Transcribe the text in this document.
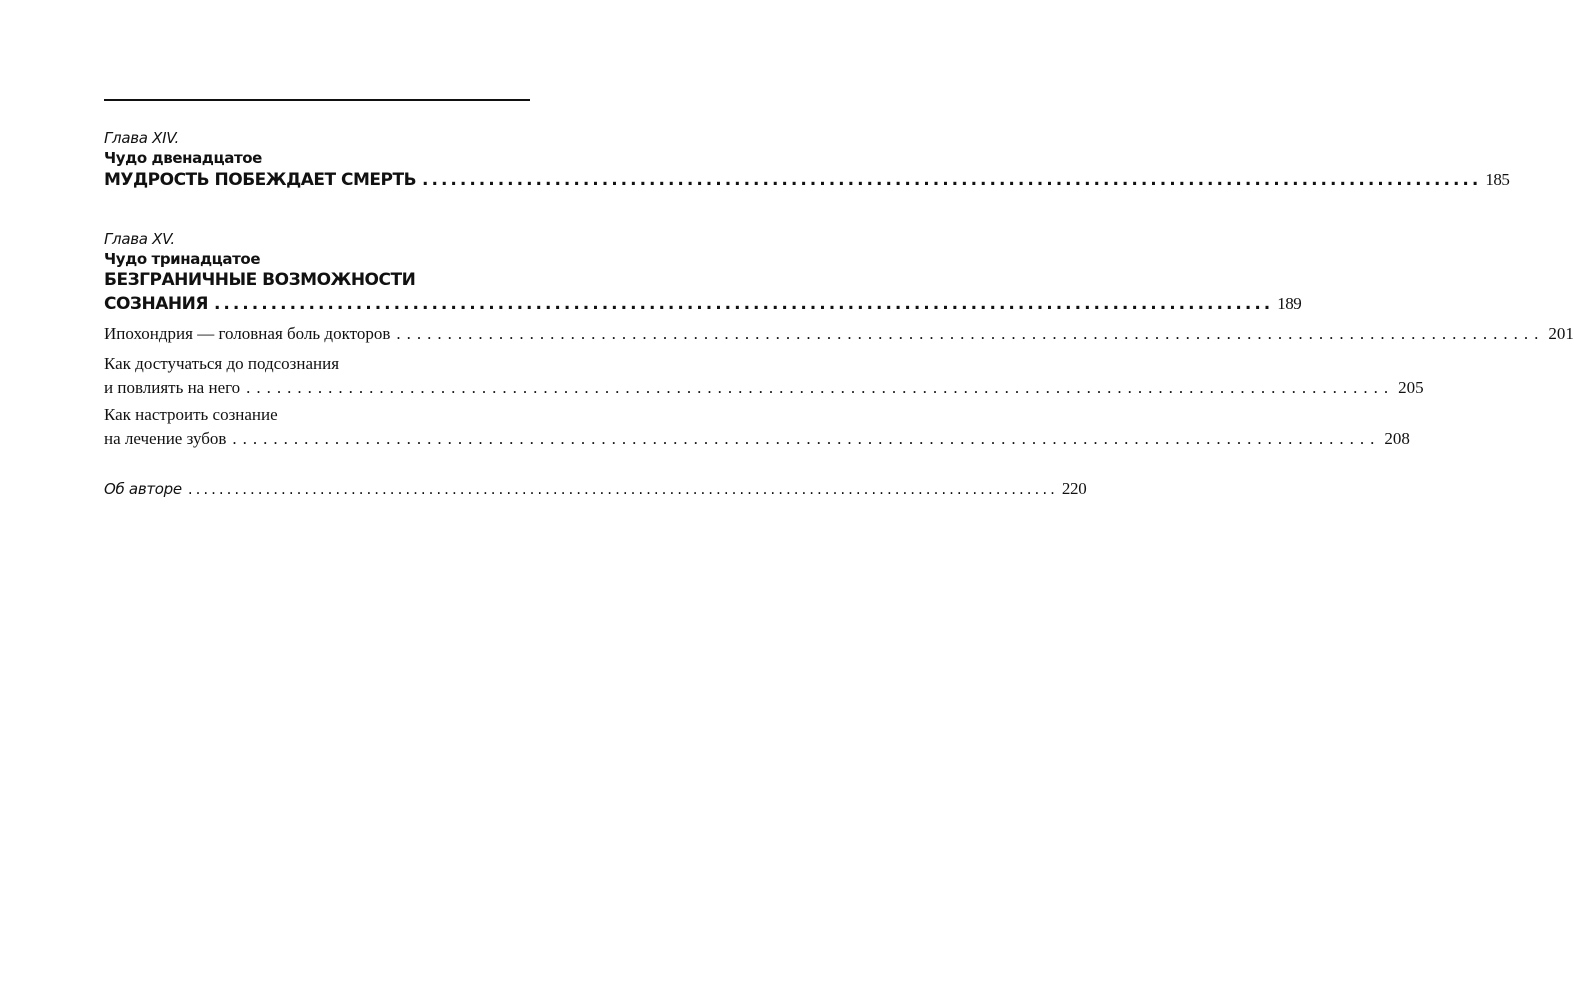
Глава XIV.
Чудо двенадцатое
МУДРОСТЬ ПОБЕЖДАЕТ СМЕРТЬ ................................................................................................................ 185
Глава XV.
Чудо тринадцатое
БЕЗГРАНИЧНЫЕ ВОЗМОЖНОСТИ
СОЗНАНИЯ ................................................................................................................ 189
Ипохондрия — головная боль докторов ................................................................................................................ 201
Как достучаться до подсознания
и повлиять на него ................................................................................................................ 205
Как настроить сознание
на лечение зубов ................................................................................................................ 208
Об авторе ................................................................................................................ 220
